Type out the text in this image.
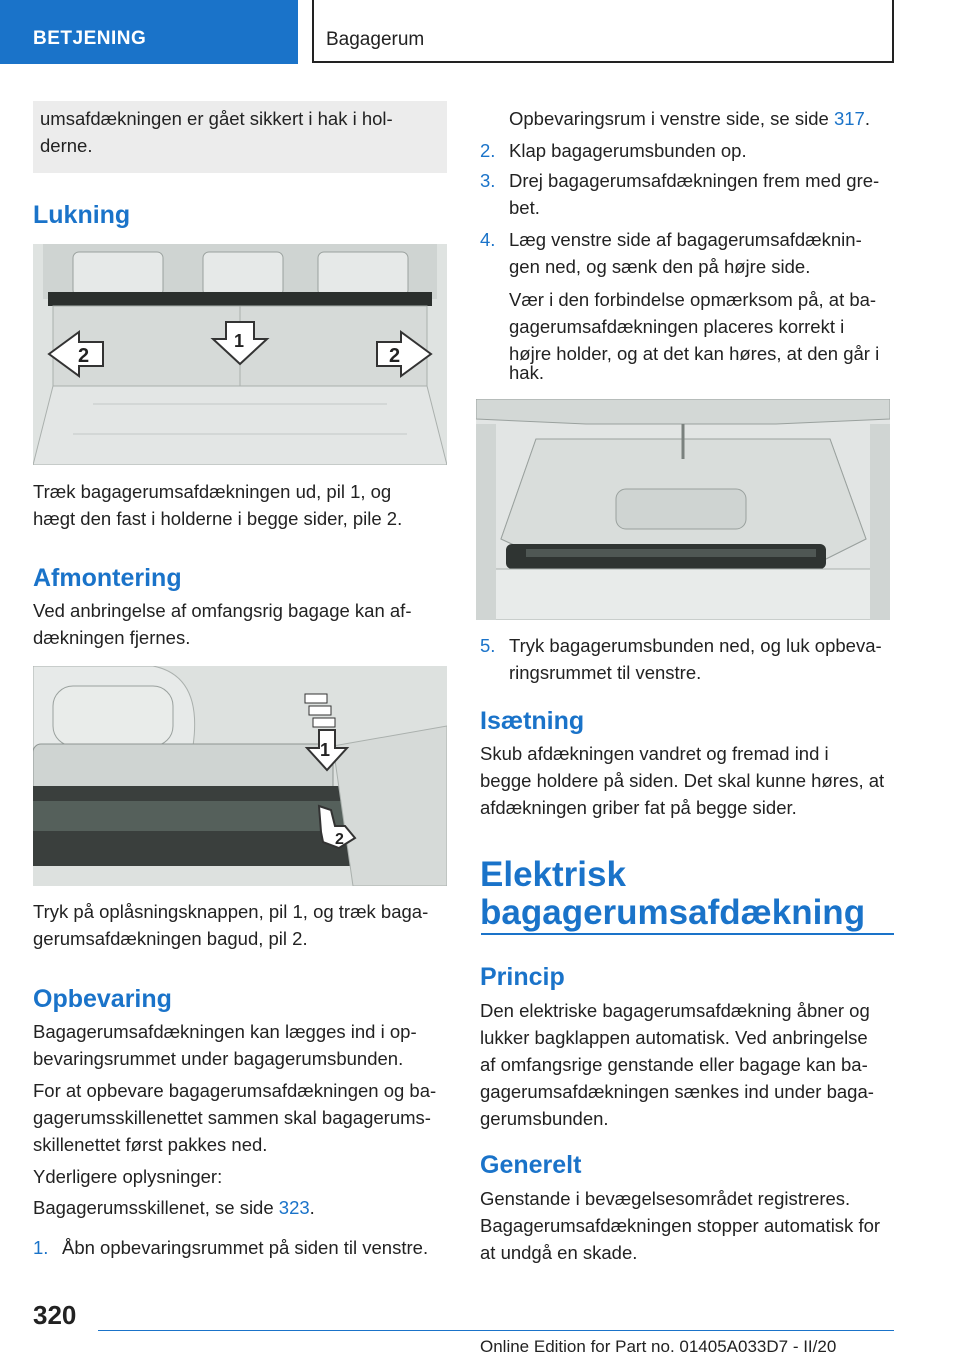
BETJENING	Bagagerum
umsafdækningen er gået sikkert i hak i hol-
derne.
Lukning
2
1
2
Træk bagagerumsafdækningen ud, pil 1, og
hægt den fast i holderne i begge sider, pile 2.
Afmontering
Ved anbringelse af omfangsrig bagage kan af-
dækningen fjernes.
1
2
Tryk på oplåsningsknappen, pil 1, og træk baga-
gerumsafdækningen bagud, pil 2.
Opbevaring
Bagagerumsafdækningen kan lægges ind i op-
bevaringsrummet under bagagerumsbunden.
For at opbevare bagagerumsafdækningen og ba-
gagerumsskillenettet sammen skal bagagerums-
skillenettet først pakkes ned.
Yderligere oplysninger:
Bagagerumsskillenet, se side 323.
1. Åbn opbevaringsrummet på siden til venstre.
Opbevaringsrum i venstre side, se side 317.
2. Klap bagagerumsbunden op.
3. Drej bagagerumsafdækningen frem med gre-
bet.
4. Læg venstre side af bagagerumsafdæknin-
gen ned, og sænk den på højre side.
Vær i den forbindelse opmærksom på, at ba-
gagerumsafdækningen placeres korrekt i
højre holder, og at det kan høres, at den går i
hak.
5. Tryk bagagerumsbunden ned, og luk opbeva-
ringsrummet til venstre.
Isætning
Skub afdækningen vandret og fremad ind i
begge holdere på siden. Det skal kunne høres, at
afdækningen griber fat på begge sider.
Elektrisk
bagagerumsafdækning
Princip
Den elektriske bagagerumsafdækning åbner og
lukker bagklappen automatisk. Ved anbringelse
af omfangsrige genstande eller bagage kan ba-
gagerumsafdækningen sænkes ind under baga-
gerumsbunden.
Generelt
Genstande i bevægelsesområdet registreres.
Bagagerumsafdækningen stopper automatisk for
at undgå en skade.
320
Online Edition for Part no. 01405A033D7 - II/20
